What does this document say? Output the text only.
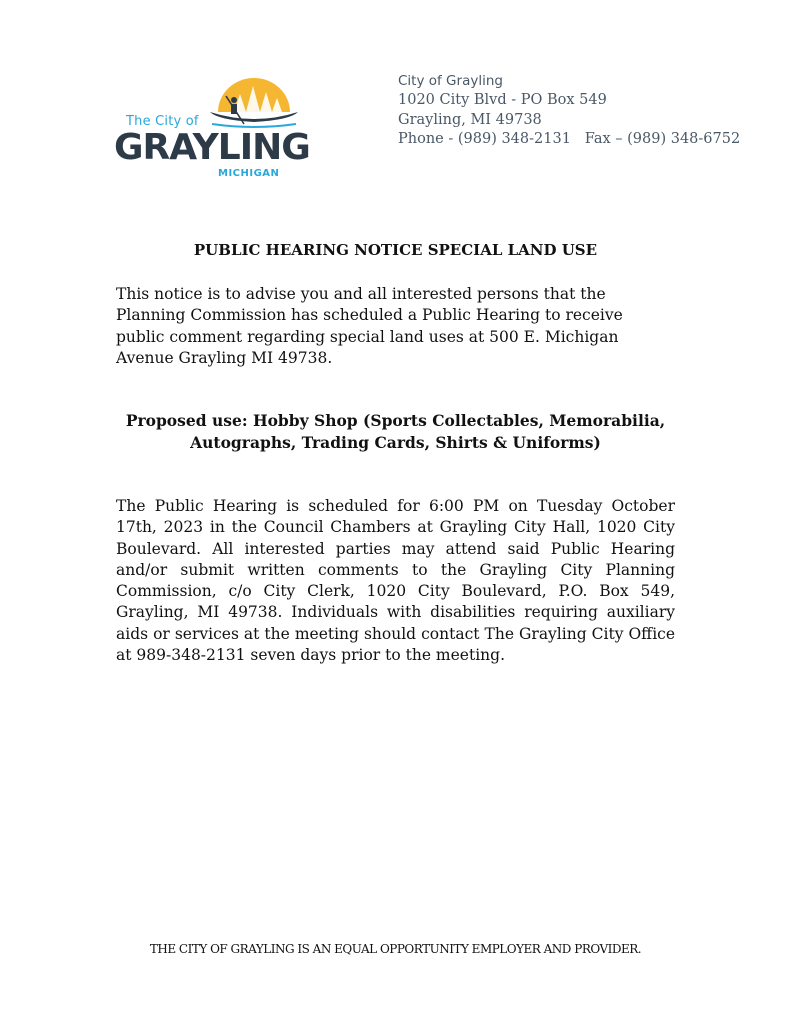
The City of
GRAYLING
MICHIGAN
City of Grayling
1020 City Blvd - PO Box 549
Grayling, MI 49738
Phone - (989) 348-2131   Fax – (989) 348-6752
PUBLIC HEARING NOTICE SPECIAL LAND USE
This notice is to advise you and all interested persons that the Planning Commission has scheduled a Public Hearing to receive public comment regarding special land uses at 500 E. Michigan Avenue Grayling MI 49738.
Proposed use: Hobby Shop (Sports Collectables, Memorabilia,
Autographs, Trading Cards, Shirts & Uniforms)
The Public Hearing is scheduled for 6:00 PM on Tuesday October 17th, 2023 in the Council Chambers at Grayling City Hall, 1020 City Boulevard. All interested parties may attend said Public Hearing and/or submit written comments to the Grayling City Planning Commission, c/o City Clerk, 1020 City Boulevard, P.O. Box 549, Grayling, MI 49738. Individuals with disabilities requiring auxiliary aids or services at the meeting should contact The Grayling City Office at 989-348-2131 seven days prior to the meeting.
THE CITY OF GRAYLING IS AN EQUAL OPPORTUNITY EMPLOYER AND PROVIDER.
